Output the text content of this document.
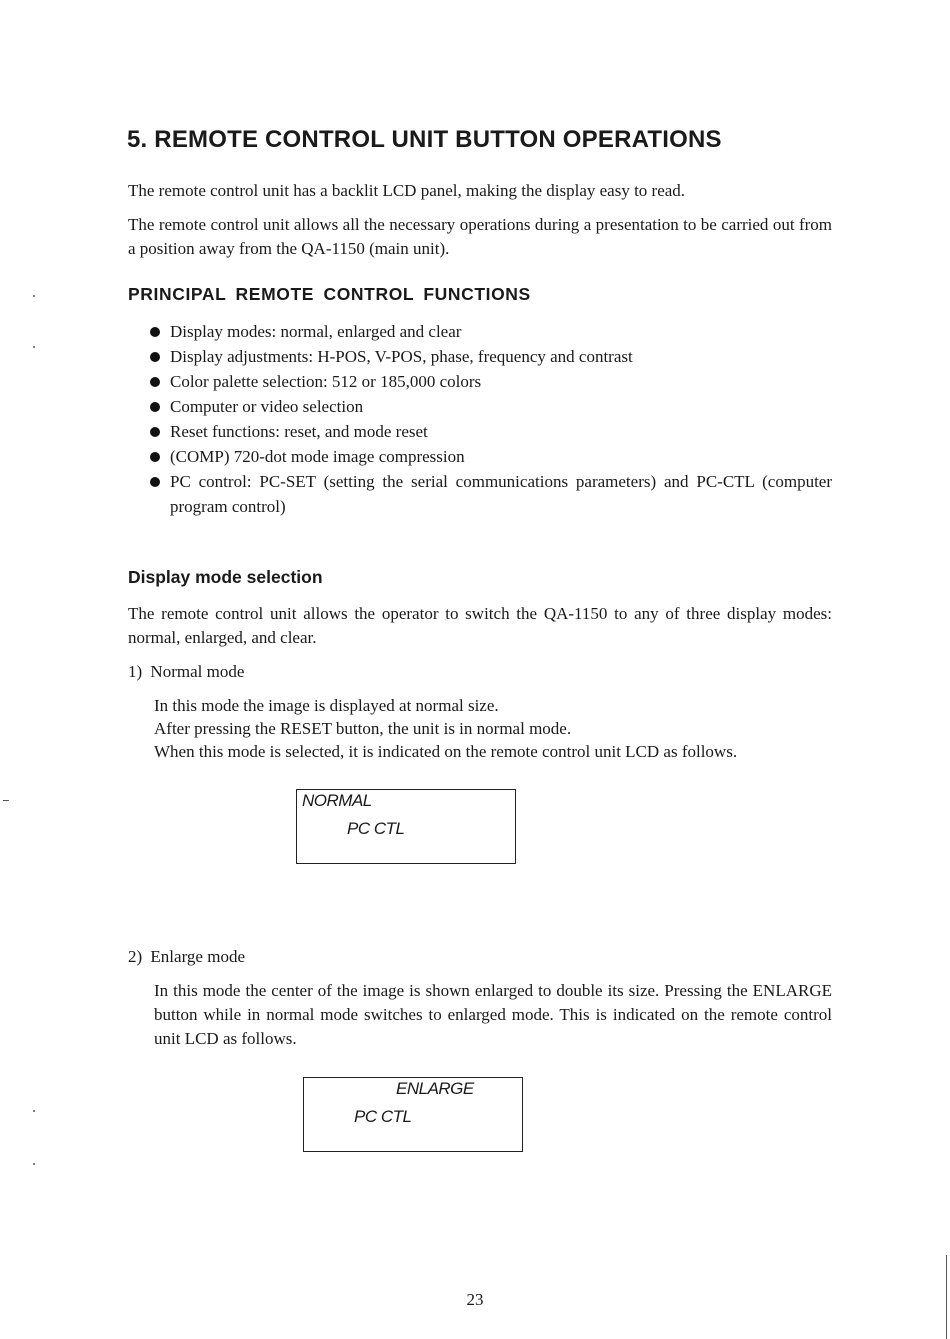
5. REMOTE CONTROL UNIT BUTTON OPERATIONS

The remote control unit has a backlit LCD panel, making the display easy to read.

The remote control unit allows all the necessary operations during a presentation to be carried out from a position away from the QA-1150 (main unit).

PRINCIPAL REMOTE CONTROL FUNCTIONS
Display modes: normal, enlarged and clear
Display adjustments: H-POS, V-POS, phase, frequency and contrast
Color palette selection: 512 or 185,000 colors
Computer or video selection
Reset functions: reset, and mode reset
(COMP) 720-dot mode image compression
PC control: PC-SET (setting the serial communications parameters) and PC-CTL (computer program control)
Display mode selection

The remote control unit allows the operator to switch the QA-1150 to any of three display modes: normal, enlarged, and clear.

1) Normal mode

In this mode the image is displayed at normal size.

After pressing the RESET button, the unit is in normal mode.

When this mode is selected, it is indicated on the remote control unit LCD as follows.

NORMAL
PC CTL
2) Enlarge mode

In this mode the center of the image is shown enlarged to double its size. Pressing the ENLARGE button while in normal mode switches to enlarged mode. This is indicated on the remote control unit LCD as follows.

ENLARGE
PC CTL
23
